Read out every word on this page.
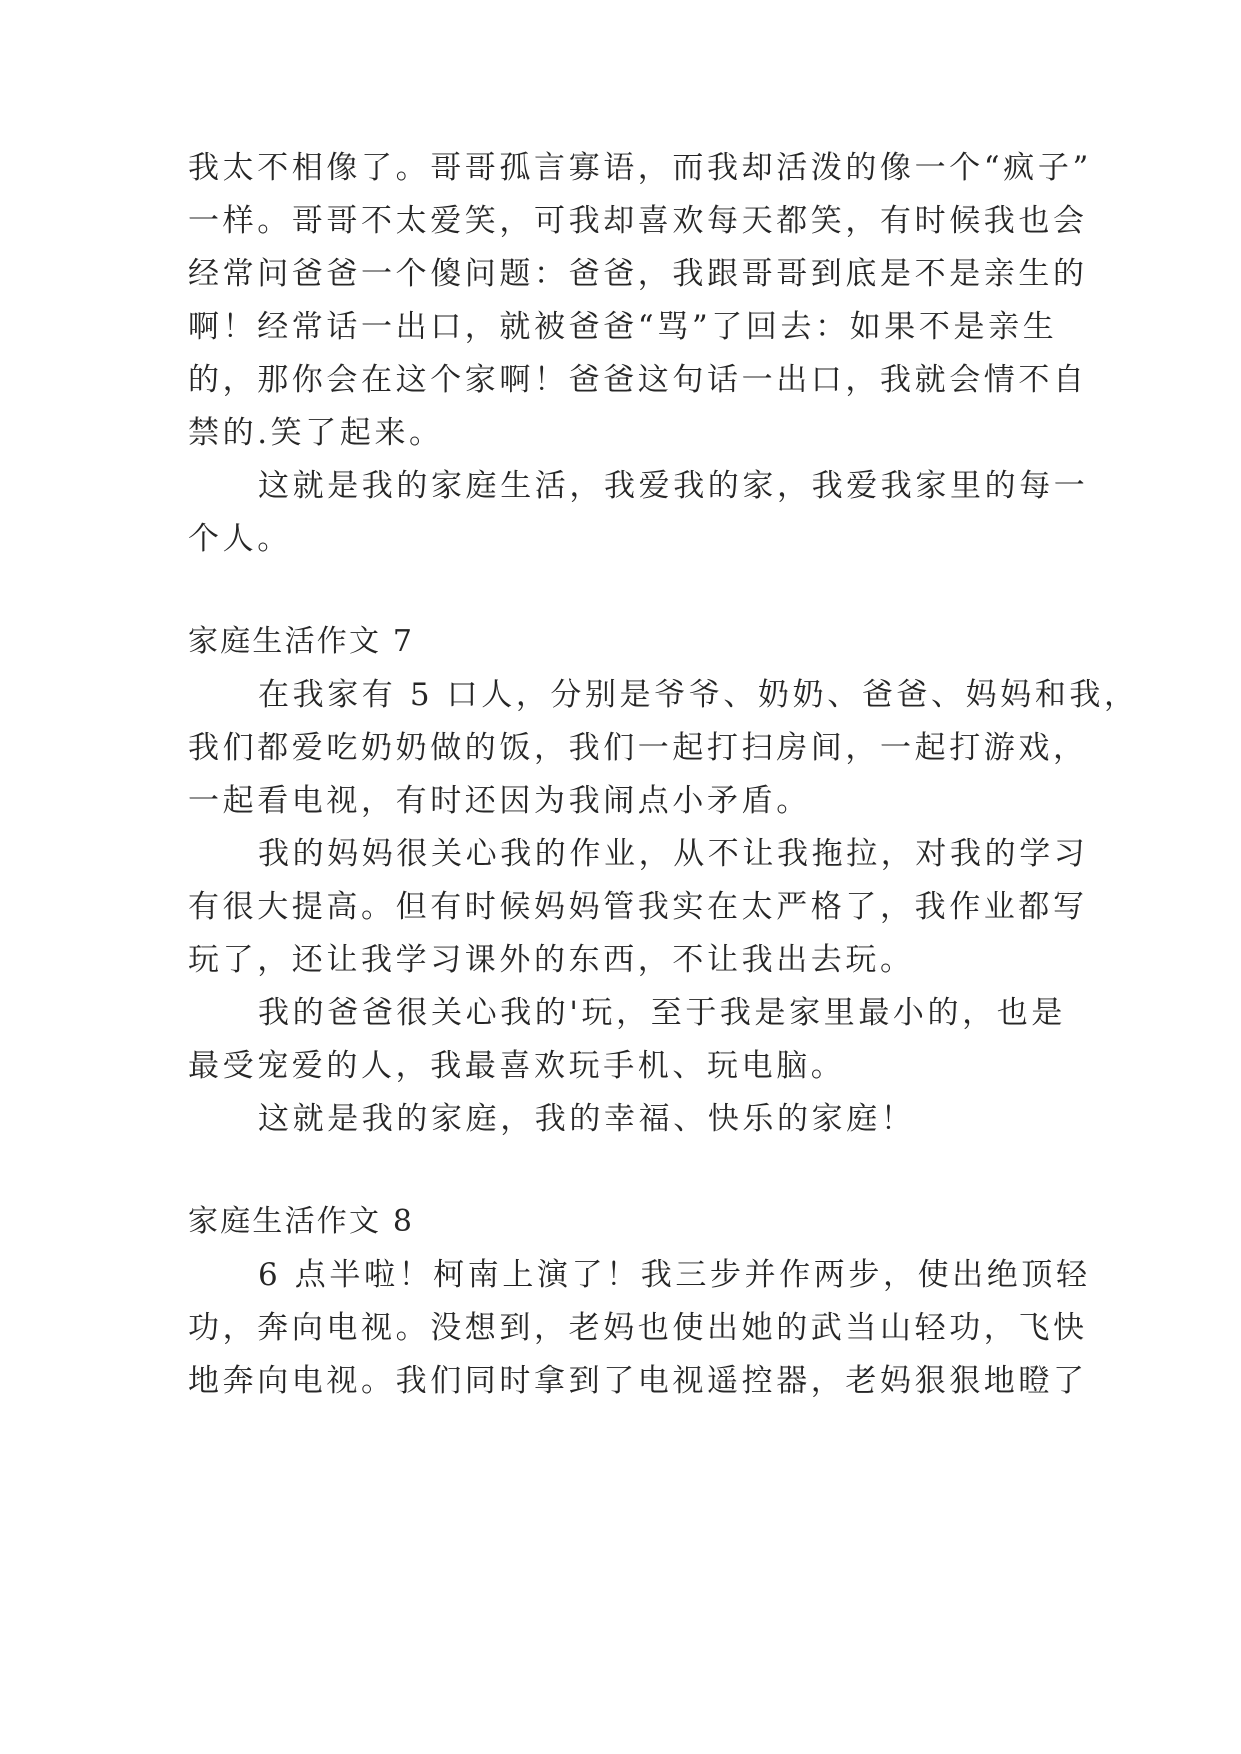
我太不相像了。哥哥孤言寡语，而我却活泼的像一个“疯子”
一样。哥哥不太爱笑，可我却喜欢每天都笑，有时候我也会
经常问爸爸一个傻问题：爸爸，我跟哥哥到底是不是亲生的
啊！经常话一出口，就被爸爸“骂”了回去：如果不是亲生
的，那你会在这个家啊！爸爸这句话一出口，我就会情不自
禁的.笑了起来。
这就是我的家庭生活，我爱我的家，我爱我家里的每一
个人。
家庭生活作文 7
在我家有 5 口人，分别是爷爷、奶奶、爸爸、妈妈和我，
我们都爱吃奶奶做的饭，我们一起打扫房间，一起打游戏，
一起看电视，有时还因为我闹点小矛盾。
我的妈妈很关心我的作业，从不让我拖拉，对我的学习
有很大提高。但有时候妈妈管我实在太严格了，我作业都写
玩了，还让我学习课外的东西，不让我出去玩。
我的爸爸很关心我的'玩，至于我是家里最小的，也是
最受宠爱的人，我最喜欢玩手机、玩电脑。
这就是我的家庭，我的幸福、快乐的家庭！
家庭生活作文 8
6 点半啦！柯南上演了！我三步并作两步，使出绝顶轻
功，奔向电视。没想到，老妈也使出她的武当山轻功，飞快
地奔向电视。我们同时拿到了电视遥控器，老妈狠狠地瞪了
